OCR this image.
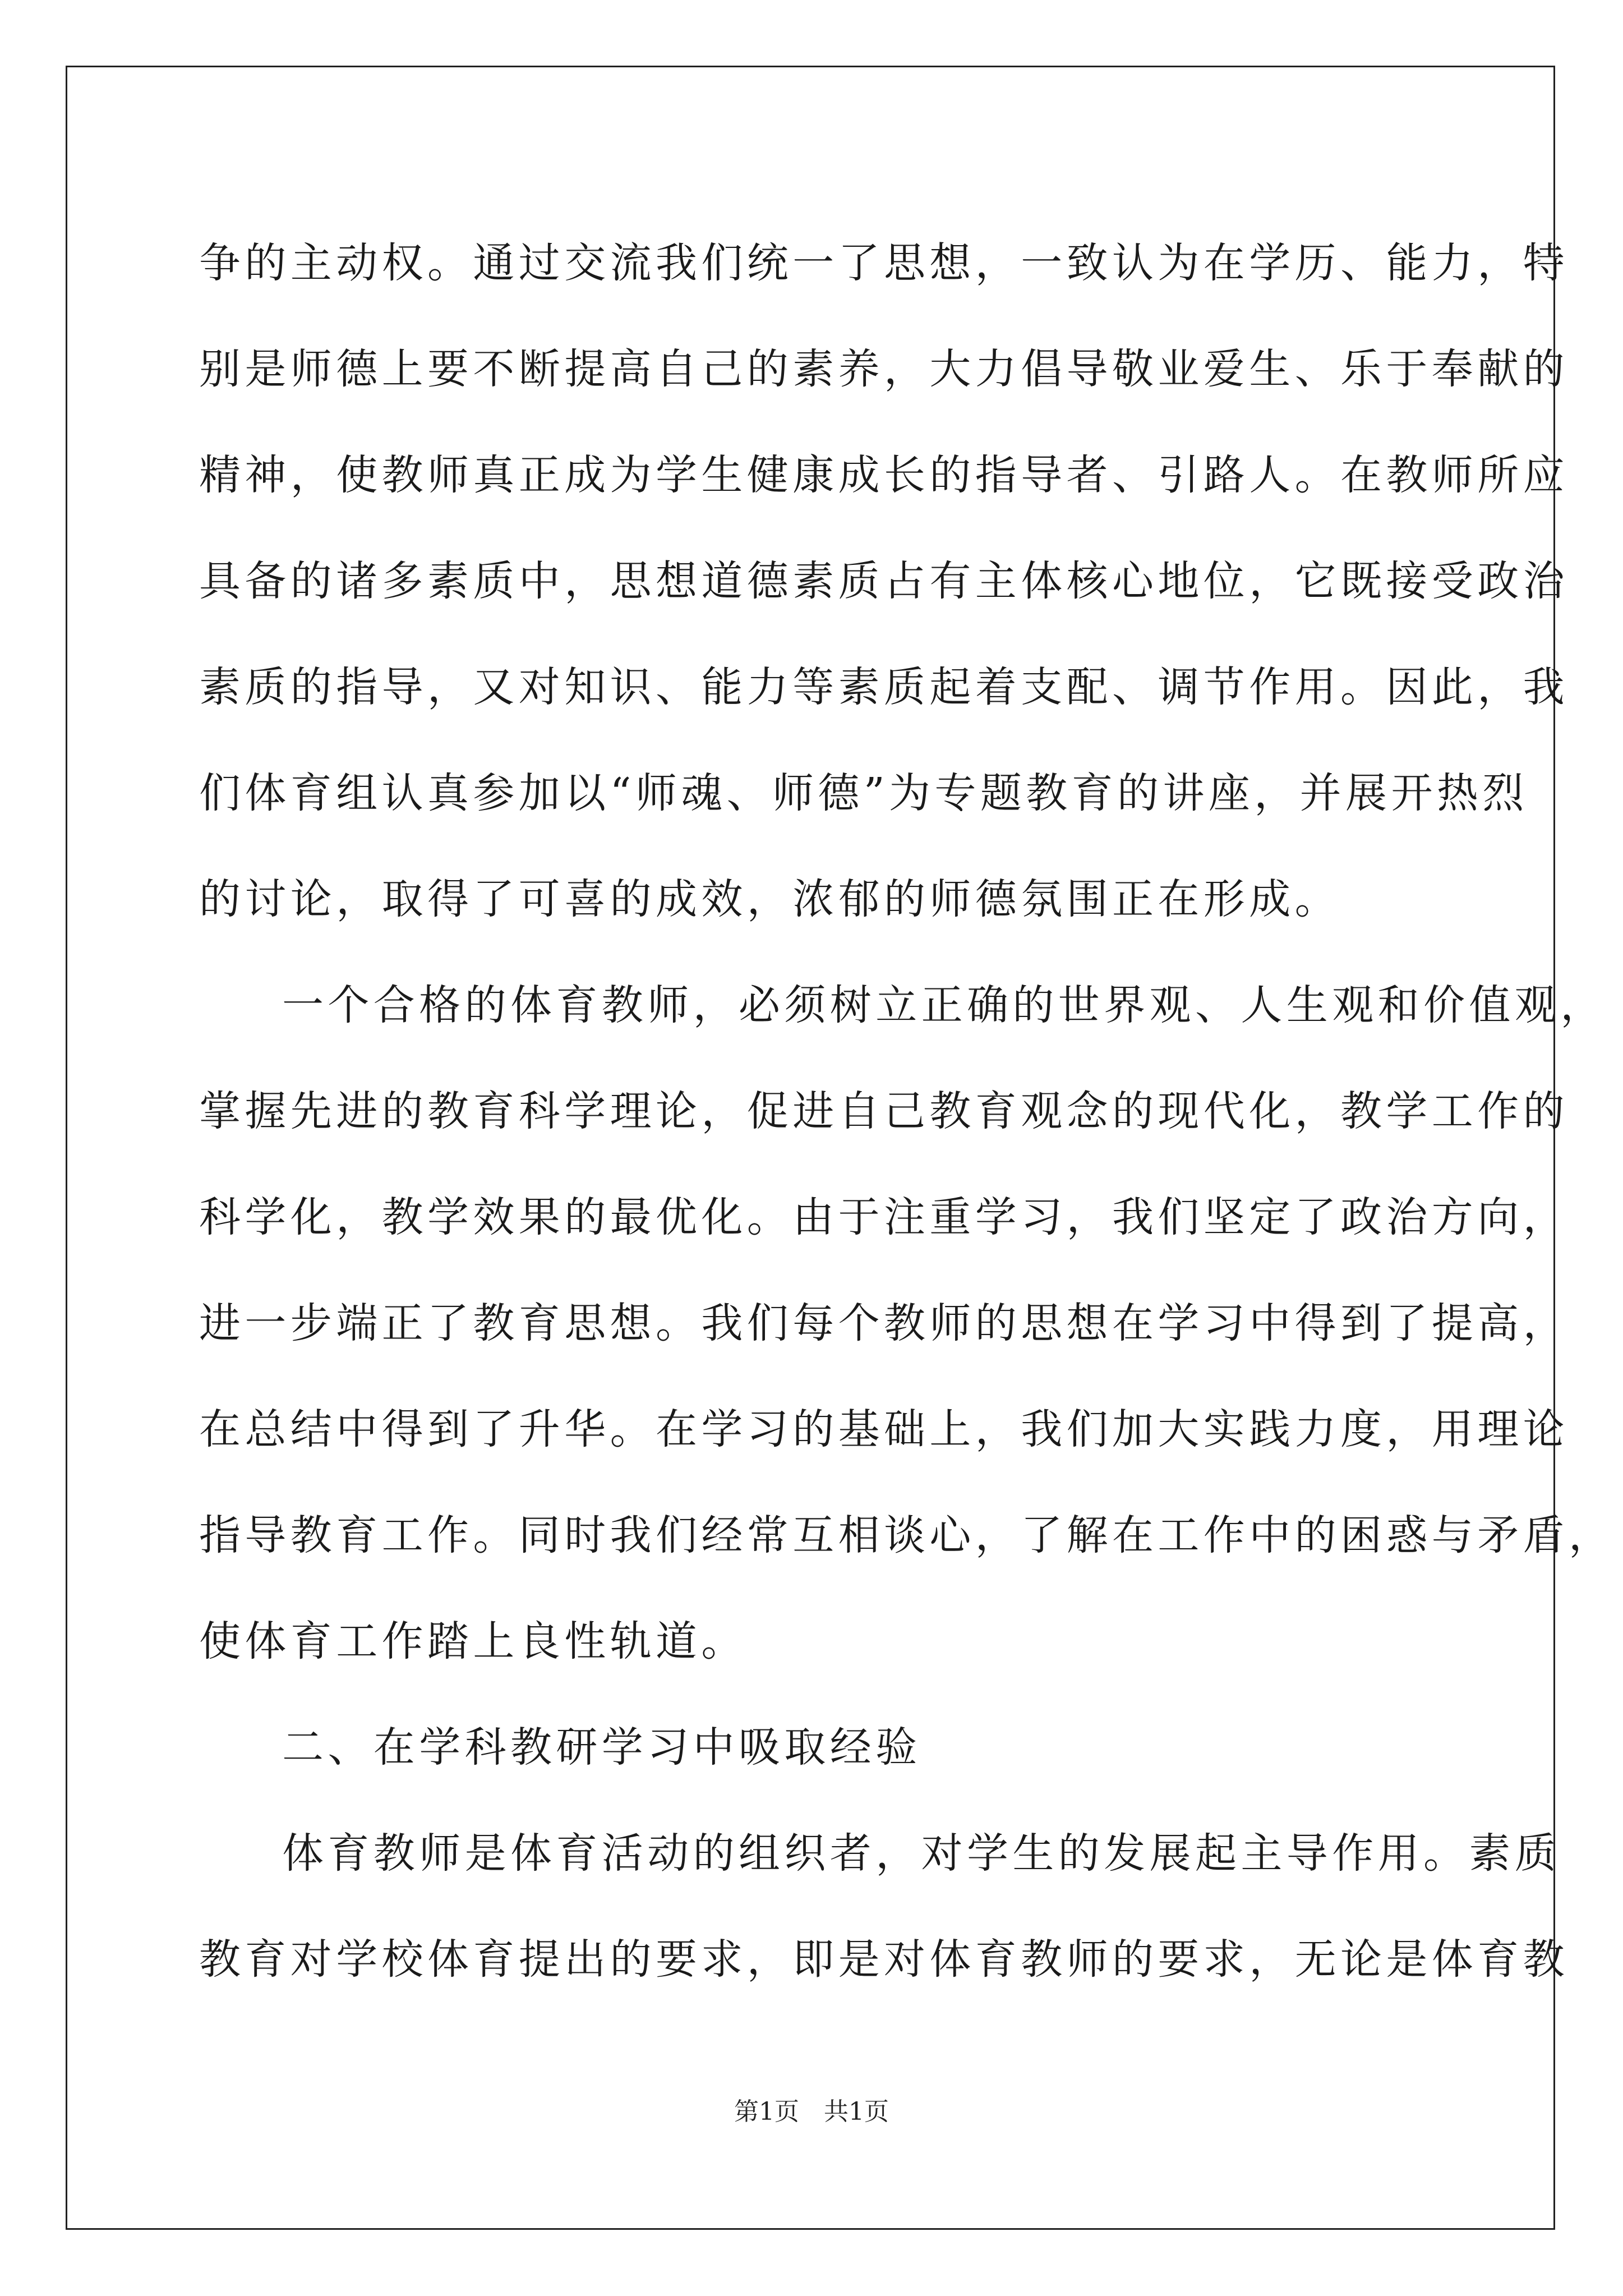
争的主动权。通过交流我们统一了思想，一致认为在学历、能力，特
别是师德上要不断提高自己的素养，大力倡导敬业爱生、乐于奉献的
精神，使教师真正成为学生健康成长的指导者、引路人。在教师所应
具备的诸多素质中，思想道德素质占有主体核心地位，它既接受政治
素质的指导，又对知识、能力等素质起着支配、调节作用。因此，我
们体育组认真参加以“师魂、师德”为专题教育的讲座，并展开热烈
的讨论，取得了可喜的成效，浓郁的师德氛围正在形成。
一个合格的体育教师，必须树立正确的世界观、人生观和价值观，
掌握先进的教育科学理论，促进自己教育观念的现代化，教学工作的
科学化，教学效果的最优化。由于注重学习，我们坚定了政治方向，
进一步端正了教育思想。我们每个教师的思想在学习中得到了提高，
在总结中得到了升华。在学习的基础上，我们加大实践力度，用理论
指导教育工作。同时我们经常互相谈心，了解在工作中的困惑与矛盾，
使体育工作踏上良性轨道。
二、在学科教研学习中吸取经验
体育教师是体育活动的组织者，对学生的发展起主导作用。素质
教育对学校体育提出的要求，即是对体育教师的要求，无论是体育教
第1页　共1页
